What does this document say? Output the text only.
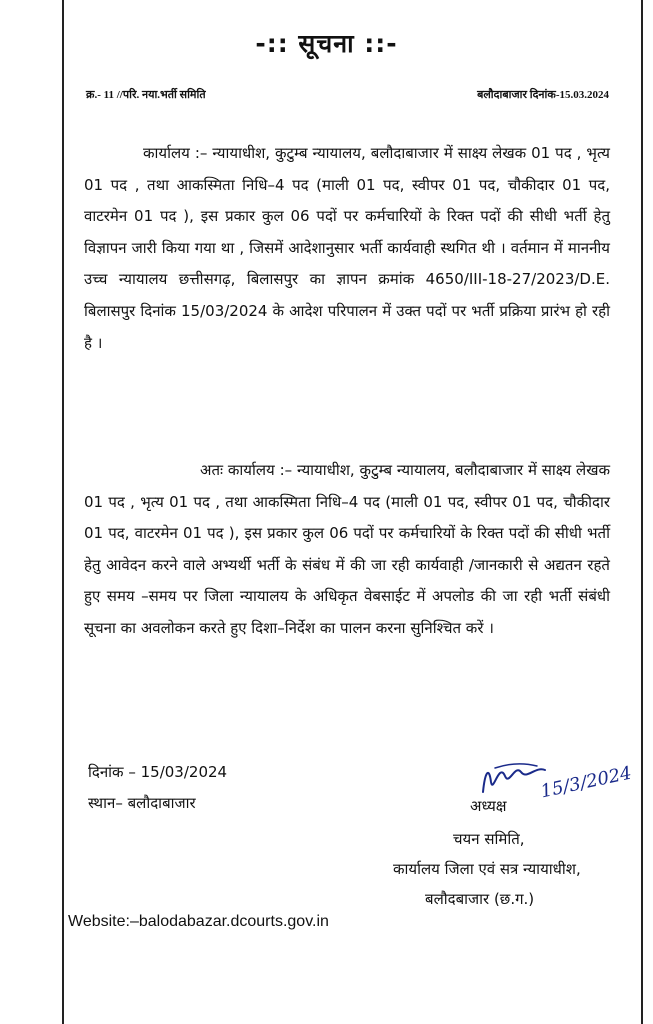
-:: सूचना ::-
क्र.- 11 //परि. नया.भर्ती समिति	बलौदाबाजार दिनांक-15.03.2024

कार्यालय :– न्यायाधीश, कुटुम्ब न्यायालय, बलौदाबाजार में साक्ष्य लेखक 01 पद , भृत्य 01 पद , तथा आकस्मिता निधि–4 पद (माली 01 पद, स्वीपर 01 पद, चौकीदार 01 पद, वाटरमेन 01 पद ), इस प्रकार कुल 06 पदों पर कर्मचारियों के रिक्त पदों की सीधी भर्ती हेतु विज्ञापन जारी किया गया था , जिसमें आदेशानुसार भर्ती कार्यवाही स्थगित थी । वर्तमान में माननीय उच्च न्यायालय छत्तीसगढ़, बिलासपुर का ज्ञापन क्रमांक 4650/III-18-27/2023/D.E. बिलासपुर दिनांक 15/03/2024 के आदेश परिपालन में उक्त पदों पर भर्ती प्रक्रिया प्रारंभ हो रही है ।

अतः कार्यालय :– न्यायाधीश, कुटुम्ब न्यायालय, बलौदाबाजार में साक्ष्य लेखक 01 पद , भृत्य 01 पद , तथा आकस्मिता निधि–4 पद (माली 01 पद, स्वीपर 01 पद, चौकीदार 01 पद, वाटरमेन 01 पद ), इस प्रकार कुल 06 पदों पर कर्मचारियों के रिक्त पदों की सीधी भर्ती हेतु आवेदन करने वाले अभ्यर्थी भर्ती के संबंध में की जा रही कार्यवाही /जानकारी से अद्यतन रहते हुए समय –समय पर जिला न्यायालय के अधिकृत वेबसाईट में अपलोड की जा रही भर्ती संबंधी सूचना का अवलोकन करते हुए दिशा–निर्देश का पालन करना सुनिश्चित करें ।

दिनांक – 15/03/2024
स्थान– बलौदाबाजार
15/3/2024
अध्यक्ष
चयन समिति,
कार्यालय जिला एवं सत्र न्यायाधीश,
बलौदबाजार (छ.ग.)
Website:–balodabazar.dcourts.gov.in
